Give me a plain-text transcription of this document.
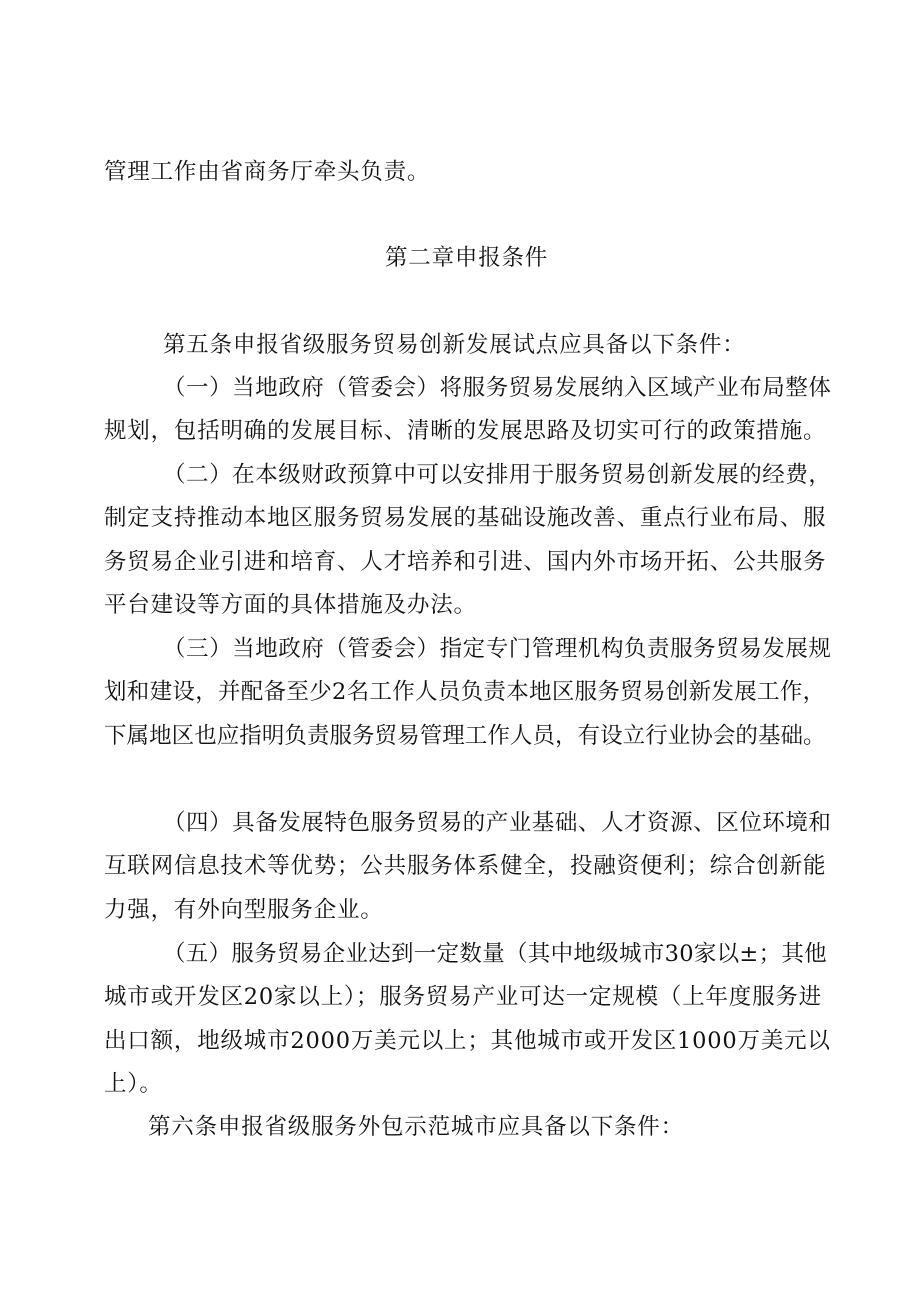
管理工作由省商务厅牵头负责。
第二章申报条件
第五条申报省级服务贸易创新发展试点应具备以下条件：
（一）当地政府（管委会）将服务贸易发展纳入区域产业布局整体
规划，包括明确的发展目标、清晰的发展思路及切实可行的政策措施。
（二）在本级财政预算中可以安排用于服务贸易创新发展的经费，
制定支持推动本地区服务贸易发展的基础设施改善、重点行业布局、服
务贸易企业引进和培育、人才培养和引进、国内外市场开拓、公共服务
平台建设等方面的具体措施及办法。
（三）当地政府（管委会）指定专门管理机构负责服务贸易发展规
划和建设，并配备至少2名工作人员负责本地区服务贸易创新发展工作，
下属地区也应指明负责服务贸易管理工作人员，有设立行业协会的基础。
（四）具备发展特色服务贸易的产业基础、人才资源、区位环境和
互联网信息技术等优势；公共服务体系健全，投融资便利；综合创新能
力强，有外向型服务企业。
（五）服务贸易企业达到一定数量（其中地级城市30家以±；其他
城市或开发区20家以上）；服务贸易产业可达一定规模（上年度服务进
出口额，地级城市2000万美元以上；其他城市或开发区1000万美元以
上）。
第六条申报省级服务外包示范城市应具备以下条件：
